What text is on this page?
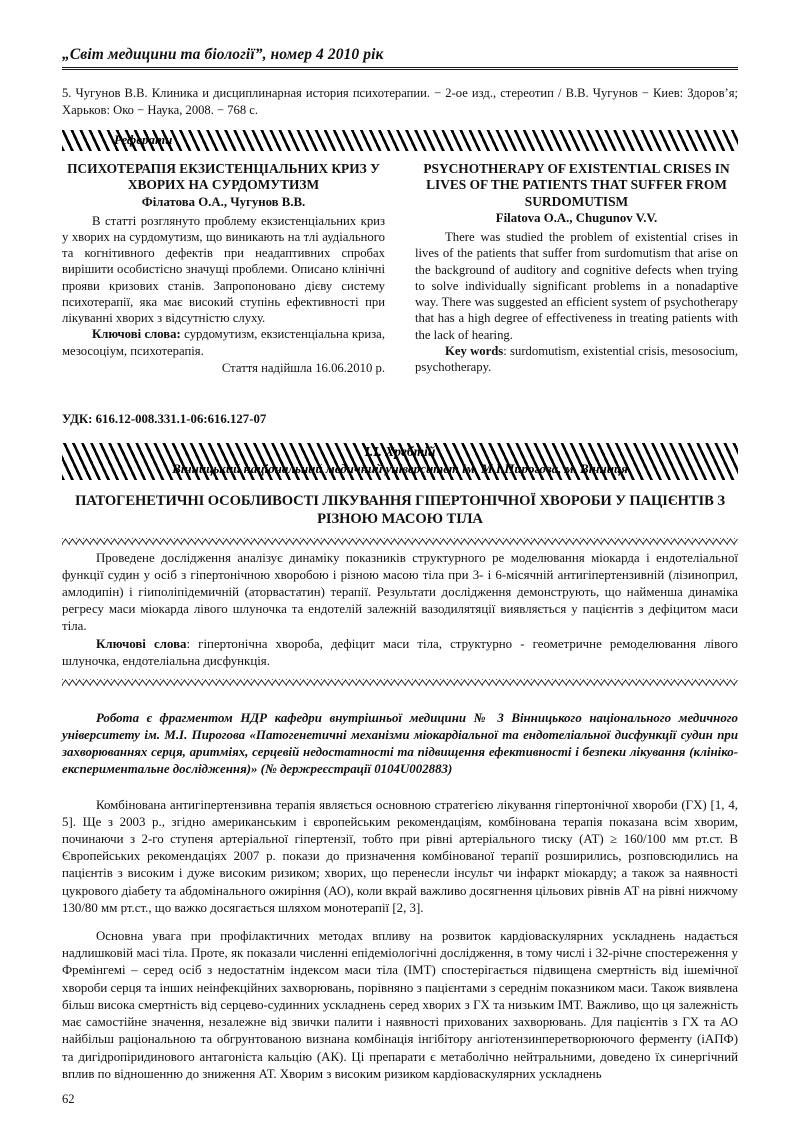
„Світ медицини та біології”, номер 4 2010 рік
5. Чугунов В.В. Клиника и дисциплинарная история психотерапии. − 2-ое изд., стереотип / В.В. Чугунов − Киев: Здоров’я; Харьков: Око − Наука, 2008. − 768 с.
Реферати
ПСИХОТЕРАПІЯ ЕКЗИСТЕНЦІАЛЬНИХ КРИЗ У ХВОРИХ НА СУРДОМУТИЗМ
Філатова О.А., Чугунов В.В.
В статті розглянуто проблему екзистенціальних криз у хворих на сурдомутизм, що виникають на тлі аудіального та когнітивного дефектів при неадаптивних спробах вирішити особистісно значущі проблеми. Описано клінічні прояви кризових станів. Запропоновано дієву систему психотерапії, яка має високий ступінь ефективності при лікуванні хворих з відсутністю слуху.
Ключові слова: сурдомутизм, екзистенціальна криза, мезосоціум, психотерапія.
Стаття надійшла 16.06.2010 р.
PSYCHOTHERAPY OF EXISTENTIAL CRISES IN LIVES OF THE PATIENTS THAT SUFFER FROM SURDOMUTISM
Filatova O.A., Chugunov V.V.
There was studied the problem of existential crises in lives of the patients that suffer from surdomutism that arise on the background of auditory and cognitive defects when trying to solve individually significant problems in a nonadaptive way. There was suggested an efficient system of psychotherapy that has a high degree of effectiveness in treating patients with the lack of hearing.
Key words: surdomutism, existential crisis, mesosocium, psychotherapy.
УДК: 616.12-008.331.1-06:616.127-07
І.І. Хребтій
Вінницький національний медичний університет ім. М.І.Пирогова, м. Вінниця
ПАТОГЕНЕТИЧНІ ОСОБЛИВОСТІ ЛІКУВАННЯ ГІПЕРТОНІЧНОЇ ХВОРОБИ У ПАЦІЄНТІВ З РІЗНОЮ МАСОЮ ТІЛА
Проведене дослідження аналізує динаміку показників структурного ре моделювання міокарда і ендотеліальної функції судин у осіб з гіпертонічною хворобою і різною масою тіла при 3- і 6-місячній антигіпертензивній (лізиноприл, амлодипін) і гіиполіпідемичній (аторвастатин) терапії. Результати дослідження демонструють, що найменша динаміка регресу маси міокарда лівого шлуночка та ендотелій залежній вазодилятяції виявляється у пацієнтів з дефіцитом маси тіла.
Ключові слова: гіпертонічна хвороба, дефіцит маси тіла, структурно - геометричне ремоделювання лівого шлуночка, ендотеліальна дисфункція.
Робота є фрагментом НДР кафедри внутрішньої медицини № 3 Вінницького національного медичного університету ім. М.І. Пирогова «Патогенетичні механізми міокардіальної та ендотеліальної дисфункції судин при захворюваннях серця, аритміях, серцевій недостатності та підвищення ефективності і безпеки лікування (клініко-експериментальне дослідження)» (№ держреєстрації 0104U002883)
Комбінована антигіпертензивна терапія являється основною стратегією лікування гіпертонічної хвороби (ГХ) [1, 4, 5]. Ще з 2003 р., згідно американським і європейським рекомендаціям, комбінована терапія показана всім хворим, починаючи з 2-го ступеня артеріальної гіпертензії, тобто при рівні артеріального тиску (АТ) ≥ 160/100 мм рт.ст. В Європейських рекомендаціях 2007 р. покази до призначення комбінованої терапії розширились, розповсюдились на пацієнтів з високим і дуже високим ризиком; хворих, що перенесли інсульт чи інфаркт міокарду; а також за наявності цукрового діабету та абдомінального ожиріння (АО), коли вкрай важливо досягнення цільових рівнів АТ на рівні нижчому 130/80 мм рт.ст., що важко досягається шляхом монотерапії [2, 3].
Основна увага при профілактичних методах впливу на розвиток кардіоваскулярних ускладнень надається надлишковій масі тіла. Проте, як показали численні епідеміологічні дослідження, в тому числі і 32-річне спостереження у Фремінгемі – серед осіб з недостатнім індексом маси тіла (ІМТ) спостерігається підвищена смертність від ішемічної хвороби серця та інших неінфекційних захворювань, порівняно з пацієнтами з середнім показником маси. Також виявлена більш висока смертність від серцево-судинних ускладнень серед хворих з ГХ та низьким ІМТ. Важливо, що ця залежність має самостійне значення, незалежне від звички палити і наявності прихованих захворювань. Для пацієнтів з ГХ та АО найбільш раціональною та обгрунтованою визнана комбінація інгібітору ангіотензинперетворюючого ферменту (іАПФ) та дигідропіридинового антагоніста кальцію (АК). Ці препарати є метаболічно нейтральними, доведено їх синергічний вплив по відношенню до зниження АТ. Хворим з високим ризиком кардіоваскулярних ускладнень
62
